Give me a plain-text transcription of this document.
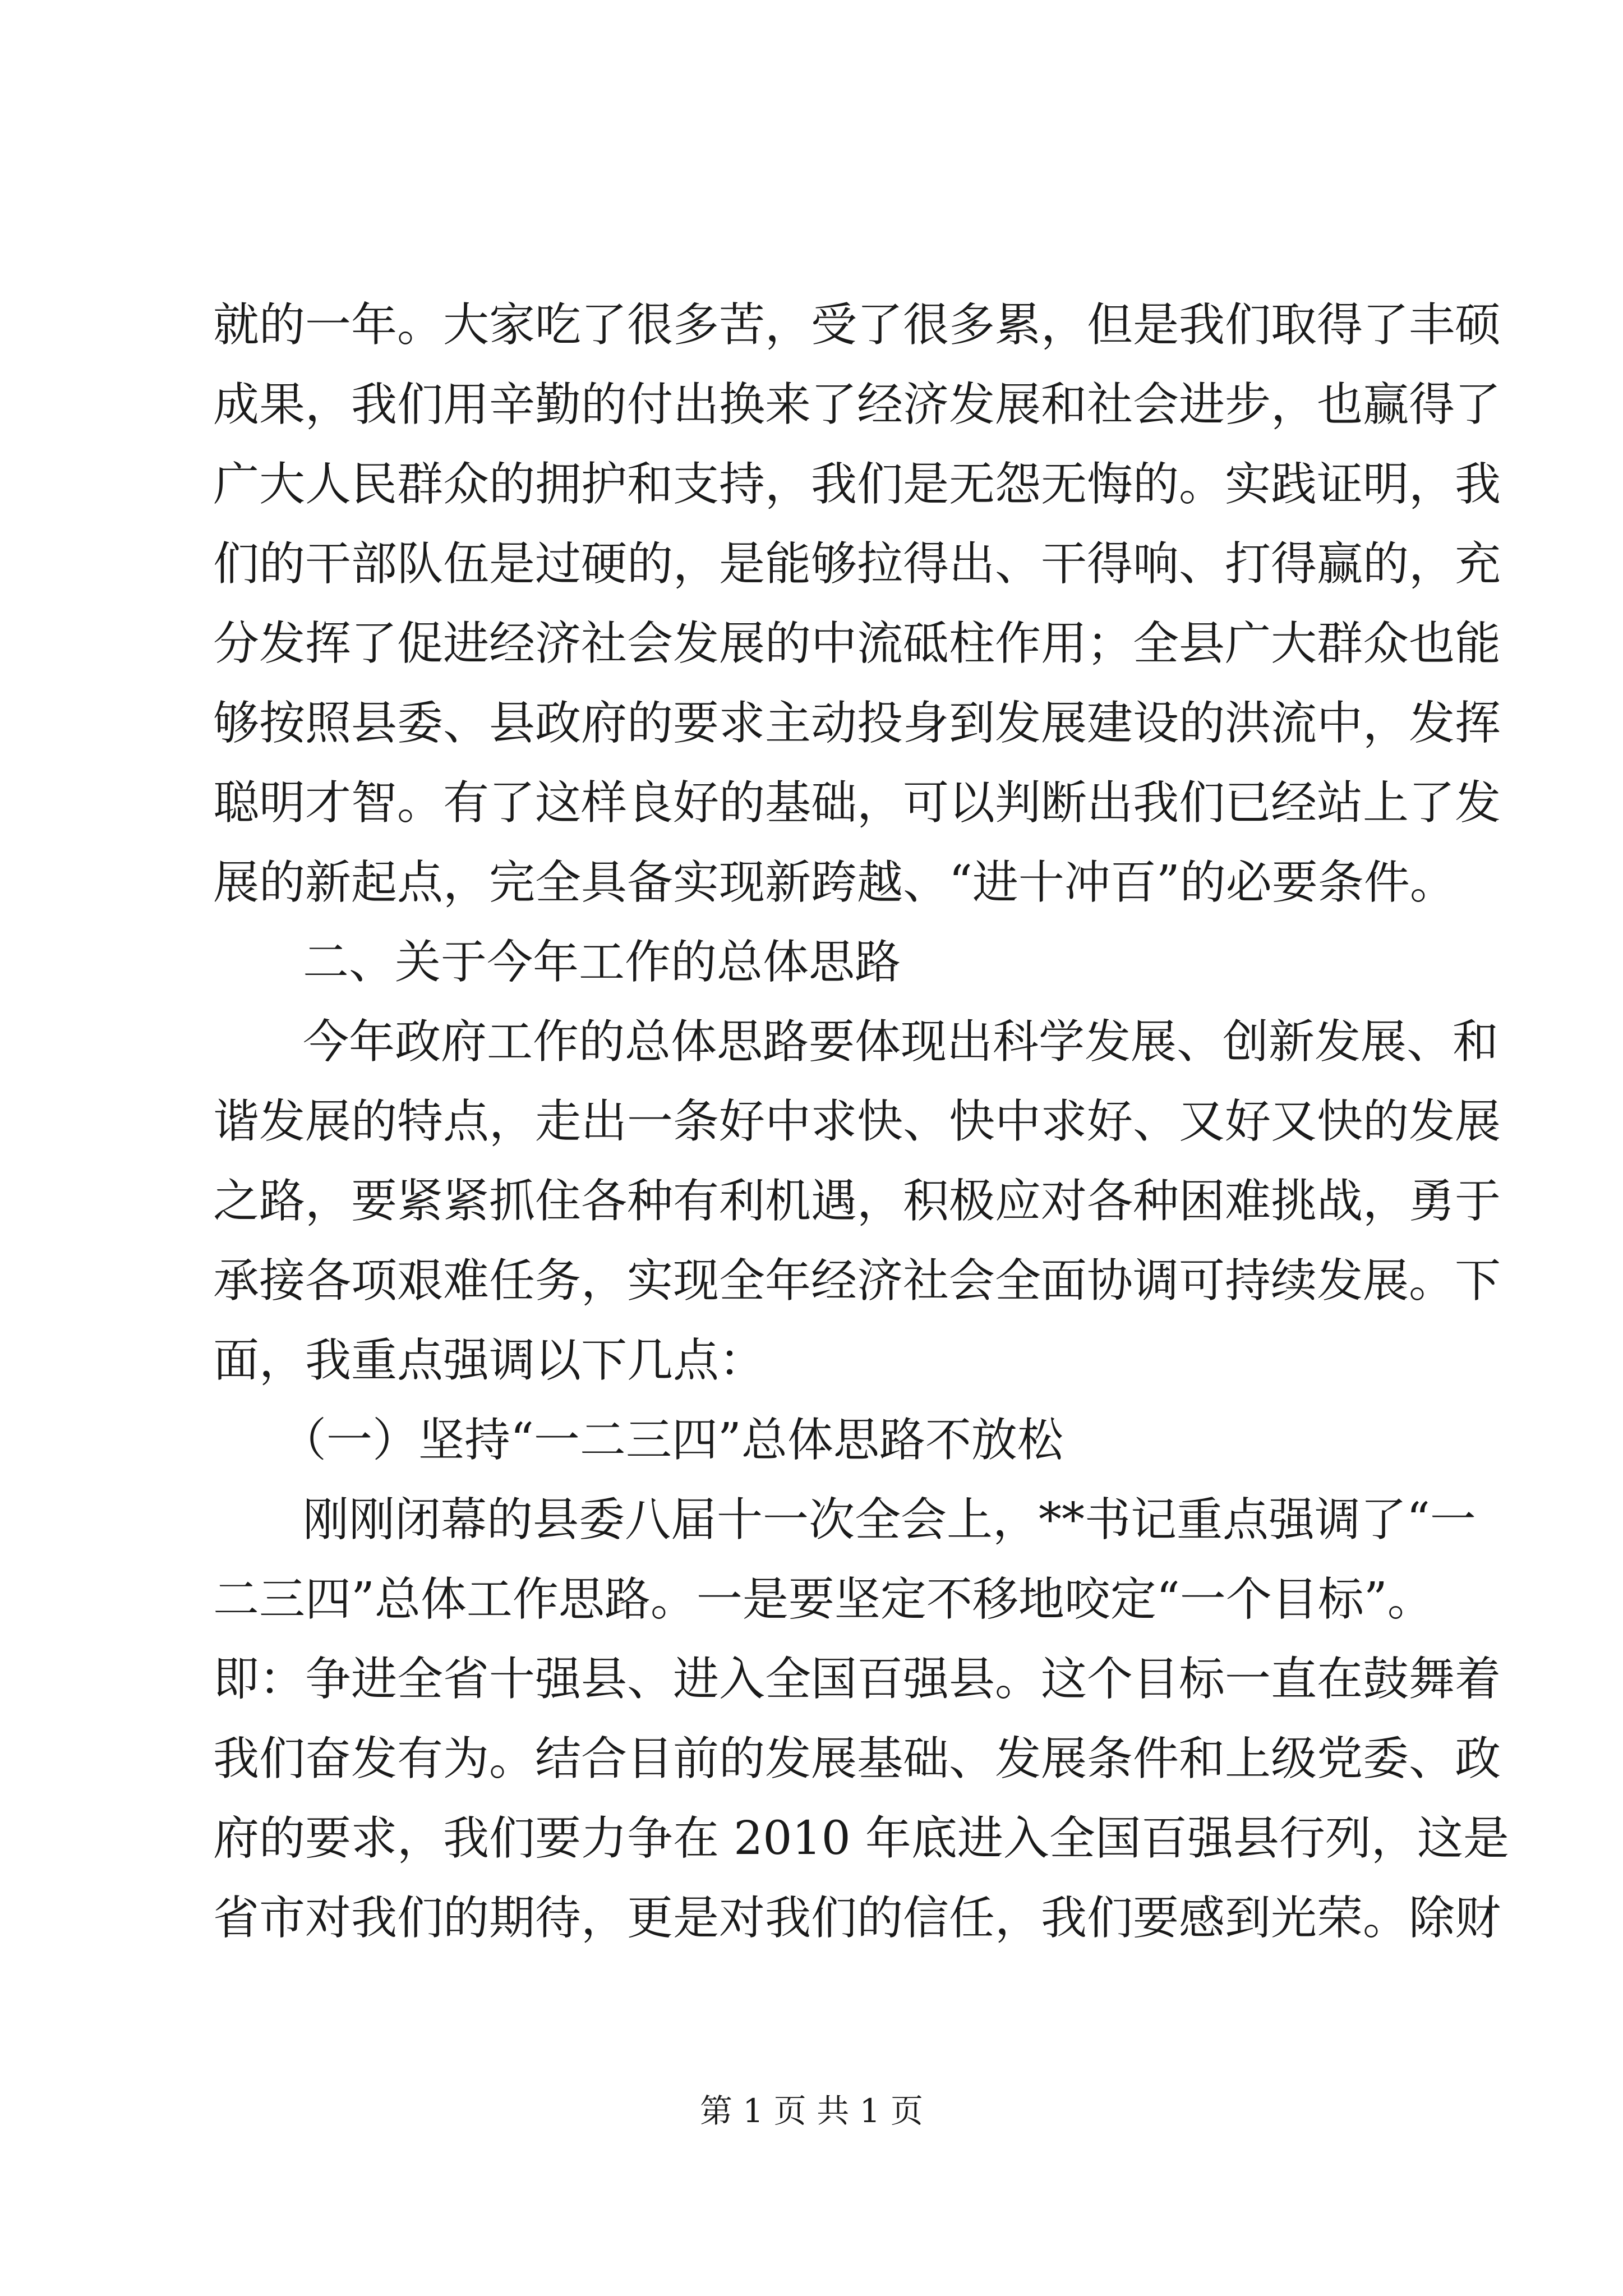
就的一年。大家吃了很多苦，受了很多累，但是我们取得了丰硕
成果，我们用辛勤的付出换来了经济发展和社会进步，也赢得了
广大人民群众的拥护和支持，我们是无怨无悔的。实践证明，我
们的干部队伍是过硬的，是能够拉得出、干得响、打得赢的，充
分发挥了促进经济社会发展的中流砥柱作用；全县广大群众也能
够按照县委、县政府的要求主动投身到发展建设的洪流中，发挥
聪明才智。有了这样良好的基础，可以判断出我们已经站上了发
展的新起点，完全具备实现新跨越、“进十冲百”的必要条件。
二、关于今年工作的总体思路
今年政府工作的总体思路要体现出科学发展、创新发展、和
谐发展的特点，走出一条好中求快、快中求好、又好又快的发展
之路，要紧紧抓住各种有利机遇，积极应对各种困难挑战，勇于
承接各项艰难任务，实现全年经济社会全面协调可持续发展。下
面，我重点强调以下几点：
（一）坚持“一二三四”总体思路不放松
刚刚闭幕的县委八届十一次全会上，**书记重点强调了“一
二三四”总体工作思路。一是要坚定不移地咬定“一个目标”。
即：争进全省十强县、进入全国百强县。这个目标一直在鼓舞着
我们奋发有为。结合目前的发展基础、发展条件和上级党委、政
府的要求，我们要力争在 2010 年底进入全国百强县行列，这是
省市对我们的期待，更是对我们的信任，我们要感到光荣。除财
第 1 页 共 1 页
